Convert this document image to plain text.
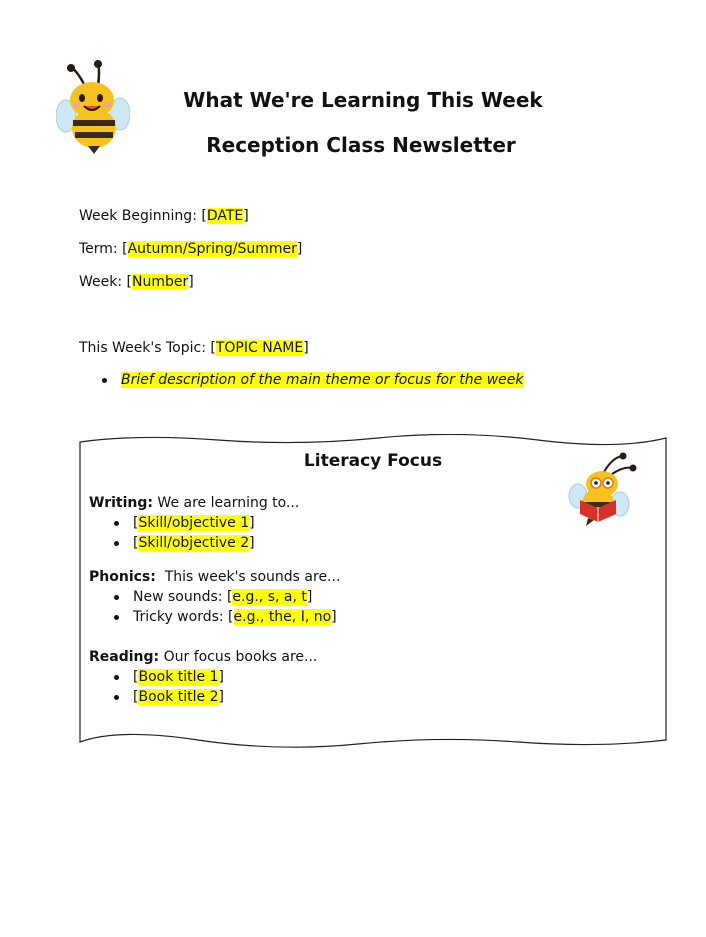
What We're Learning This Week
Reception Class Newsletter
Week Beginning: [DATE]
Term: [Autumn/Spring/Summer]
Week: [Number]
This Week's Topic: [TOPIC NAME]
Brief description of the main theme or focus for the week
Literacy Focus
Writing: We are learning to...
[Skill/objective 1]
[Skill/objective 2]
Phonics:  This week's sounds are...
New sounds: [e.g., s, a, t]
Tricky words: [e.g., the, I, no]
Reading: Our focus books are...
[Book title 1]
[Book title 2]
